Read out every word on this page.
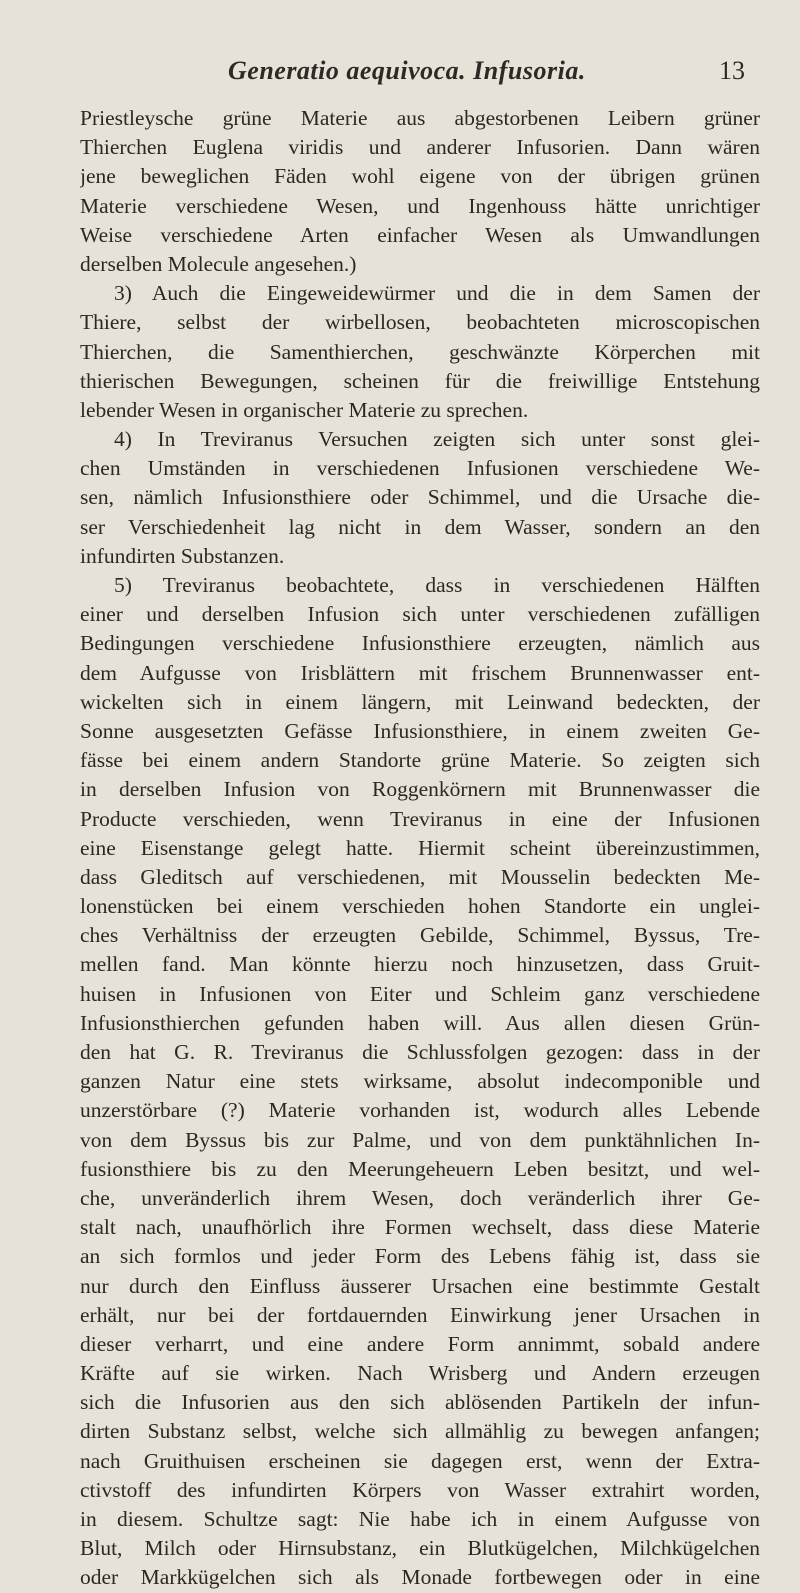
Generatio aequivoca. Infusoria.	13
Priestleysche grüne Materie aus abgestorbenen Leibern grüner
Thierchen Euglena viridis und anderer Infusorien. Dann wären
jene beweglichen Fäden wohl eigene von der übrigen grünen
Materie verschiedene Wesen, und Ingenhouss hätte unrichtiger
Weise verschiedene Arten einfacher Wesen als Umwandlungen
derselben Molecule angesehen.)
3) Auch die Eingeweidewürmer und die in dem Samen der
Thiere, selbst der wirbellosen, beobachteten microscopischen
Thierchen, die Samenthierchen, geschwänzte Körperchen mit
thierischen Bewegungen, scheinen für die freiwillige Entstehung
lebender Wesen in organischer Materie zu sprechen.
4) In Treviranus Versuchen zeigten sich unter sonst glei-
chen Umständen in verschiedenen Infusionen verschiedene We-
sen, nämlich Infusionsthiere oder Schimmel, und die Ursache die-
ser Verschiedenheit lag nicht in dem Wasser, sondern an den
infundirten Substanzen.
5) Treviranus beobachtete, dass in verschiedenen Hälften
einer und derselben Infusion sich unter verschiedenen zufälligen
Bedingungen verschiedene Infusionsthiere erzeugten, nämlich aus
dem Aufgusse von Irisblättern mit frischem Brunnenwasser ent-
wickelten sich in einem längern, mit Leinwand bedeckten, der
Sonne ausgesetzten Gefässe Infusionsthiere, in einem zweiten Ge-
fässe bei einem andern Standorte grüne Materie. So zeigten sich
in derselben Infusion von Roggenkörnern mit Brunnenwasser die
Producte verschieden, wenn Treviranus in eine der Infusionen
eine Eisenstange gelegt hatte. Hiermit scheint übereinzustimmen,
dass Gleditsch auf verschiedenen, mit Mousselin bedeckten Me-
lonenstücken bei einem verschieden hohen Standorte ein unglei-
ches Verhältniss der erzeugten Gebilde, Schimmel, Byssus, Tre-
mellen fand. Man könnte hierzu noch hinzusetzen, dass Gruit-
huisen in Infusionen von Eiter und Schleim ganz verschiedene
Infusionsthierchen gefunden haben will. Aus allen diesen Grün-
den hat G. R. Treviranus die Schlussfolgen gezogen: dass in der
ganzen Natur eine stets wirksame, absolut indecomponible und
unzerstörbare (?) Materie vorhanden ist, wodurch alles Lebende
von dem Byssus bis zur Palme, und von dem punktähnlichen In-
fusionsthiere bis zu den Meerungeheuern Leben besitzt, und wel-
che, unveränderlich ihrem Wesen, doch veränderlich ihrer Ge-
stalt nach, unaufhörlich ihre Formen wechselt, dass diese Materie
an sich formlos und jeder Form des Lebens fähig ist, dass sie
nur durch den Einfluss äusserer Ursachen eine bestimmte Gestalt
erhält, nur bei der fortdauernden Einwirkung jener Ursachen in
dieser verharrt, und eine andere Form annimmt, sobald andere
Kräfte auf sie wirken. Nach Wrisberg und Andern erzeugen
sich die Infusorien aus den sich ablösenden Partikeln der infun-
dirten Substanz selbst, welche sich allmählig zu bewegen anfangen;
nach Gruithuisen erscheinen sie dagegen erst, wenn der Extra-
ctivstoff des infundirten Körpers von Wasser extrahirt worden,
in diesem. Schultze sagt: Nie habe ich in einem Aufgusse von
Blut, Milch oder Hirnsubstanz, ein Blutkügelchen, Milchkügelchen
oder Markkügelchen sich als Monade fortbewegen oder in eine
